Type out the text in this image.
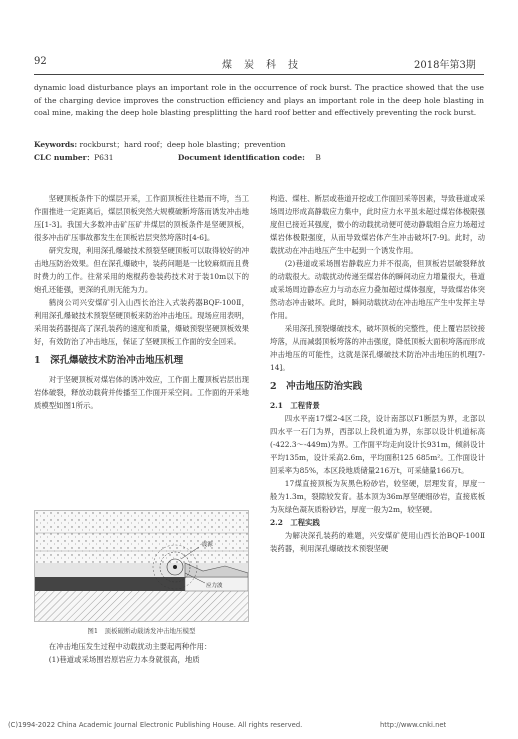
92	煤　炭　科　技	2018年第3期
dynamic load disturbance plays an important role in the occurrence of rock burst. The practice showed that the use of the charging device improves the construction efficiency and plays an important role in the deep hole blasting in coal mine, making the deep hole blasting presplitting the hard roof better and effectively preventing the rock burst.
Keywords: rockburst；hard roof；deep hole blasting；prevention
CLC number：P631	Document identification code: B

坚硬顶板条件下的煤层开采，工作面顶板往往悬而不垮，当工作面推进一定距离后，煤层顶板突然大规模破断垮落而诱发冲击地压[1-3]。我国大多数冲击矿压矿井煤层的顶板条件是坚硬顶板，很多冲击矿压事故都发生在顶板岩层突然垮落时[4-6]。

研究发现，利用深孔爆破技术预裂坚硬顶板可以取得较好的冲击地压防治效果。但在深孔爆破中，装药问题是一比较麻烦而且费时费力的工作。往常采用的炮棍药卷装药技术对于装10m以下的炮孔还能强，更深的孔则无能为力。

鹤岗公司兴安煤矿引入山西长治注入式装药器BQF-100Ⅱ，利用深孔爆破技术预裂坚硬顶板来防治冲击地压。现场应用表明，采用装药器提高了深孔装药的速度和质量，爆破预裂坚硬顶板效果好，有效防治了冲击地压，保证了坚硬顶板工作面的安全回采。

1　深孔爆破技术防治冲击地压机理

对于坚硬顶板对煤岩体的诱冲效应，工作面上覆顶板岩层出现岩体破裂，释放动载荷并传播至工作面开采空间。工作面的开采地质模型如图1所示。

·震源
应力波
图1　顶板破断动载诱发冲击地压模型

在冲击地压发生过程中动载扰动主要起两种作用：

(1)巷道或采场围岩原岩应力本身就很高，地质

构造、煤柱、断层或巷道开挖或工作面回采等因素，导致巷道或采场周边形成高静载应力集中，此时应力水平虽未超过煤岩体极限强度但已接近其强度，微小的动载扰动便可使动静载组合应力场超过煤岩体极限强度，从而导致煤岩体产生冲击破坏[7-9]。此时，动载扰动在冲击地压产生中起到一个诱发作用。

(2)巷道或采场围岩静载应力并不很高，但顶板岩层破裂释放的动载很大。动载扰动传递至煤岩体的瞬间动应力增量很大，巷道或采场周边静态应力与动态应力叠加超过煤体强度，导致煤岩体突然动态冲击破坏。此时，瞬间动载扰动在冲击地压产生中发挥主导作用。

采用深孔预裂爆破技术，破坏顶板的完整性，使上覆岩层铰接垮落，从而减弱顶板垮落的冲击强度，降低顶板大面积垮落而形成冲击地压的可能性，这就是深孔爆破技术防治冲击地压的机理[7-14]。

2　冲击地压防治实践

2.1　工程背景

四水平南17煤2-4区二段，设计南部以F1断层为界，北部以四水平一石门为界，西部以上段机道为界，东部以设计机道标高(-422.3～-449m)为界。工作面平均走向设计长931m，倾斜设计平均135m，设计采高2.6m，平均面积125 685m²。工作面设计回采率为85%，本区段地质储量216万t，可采储量166万t。

17煤直接顶板为灰黑色粉砂岩，较坚硬，层理发育，厚度一般为1.3m，裂隙较发育。基本顶为36m厚坚硬细砂岩，直接底板为灰绿色凝灰质粉砂岩，厚度一般为2m，较坚硬。

2.2　工程实践

为解决深孔装药的难题，兴安煤矿使用山西长治BQF-100Ⅱ装药器，利用深孔爆破技术预裂坚硬

(C)1994-2022 China Academic Journal Electronic Publishing House. All rights reserved.	http://www.cnki.net
